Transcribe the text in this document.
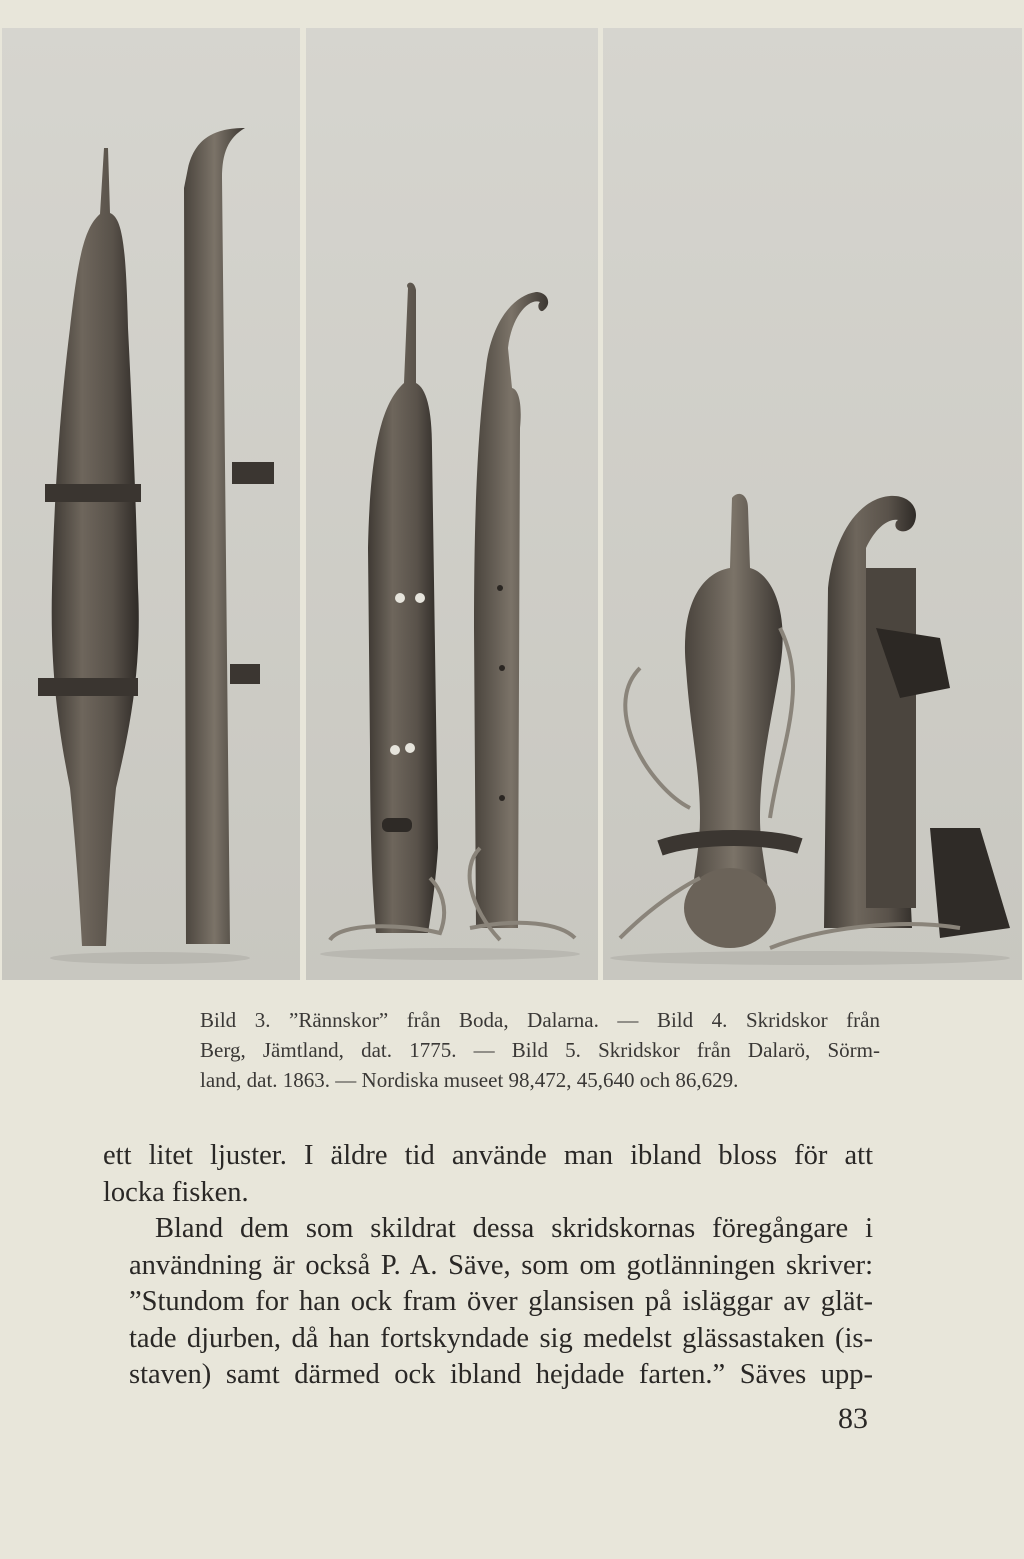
Bild 3. ”Rännskor” från Boda, Dalarna. — Bild 4. Skridskor från
Berg, Jämtland, dat. 1775. — Bild 5. Skridskor från Dalarö, Sörm-
land, dat. 1863. — Nordiska museet 98,472, 45,640 och 86,629.

ett litet ljuster. I äldre tid använde man ibland bloss för att
locka fisken.

Bland dem som skildrat dessa skridskornas föregångare i
användning är också P. A. Säve, som om gotlänningen skriver:
”Stundom for han ock fram över glansisen på isläggar av glät-
tade djurben, då han fortskyndade sig medelst glässastaken (is-
staven) samt därmed ock ibland hejdade farten.” Säves upp-

83
